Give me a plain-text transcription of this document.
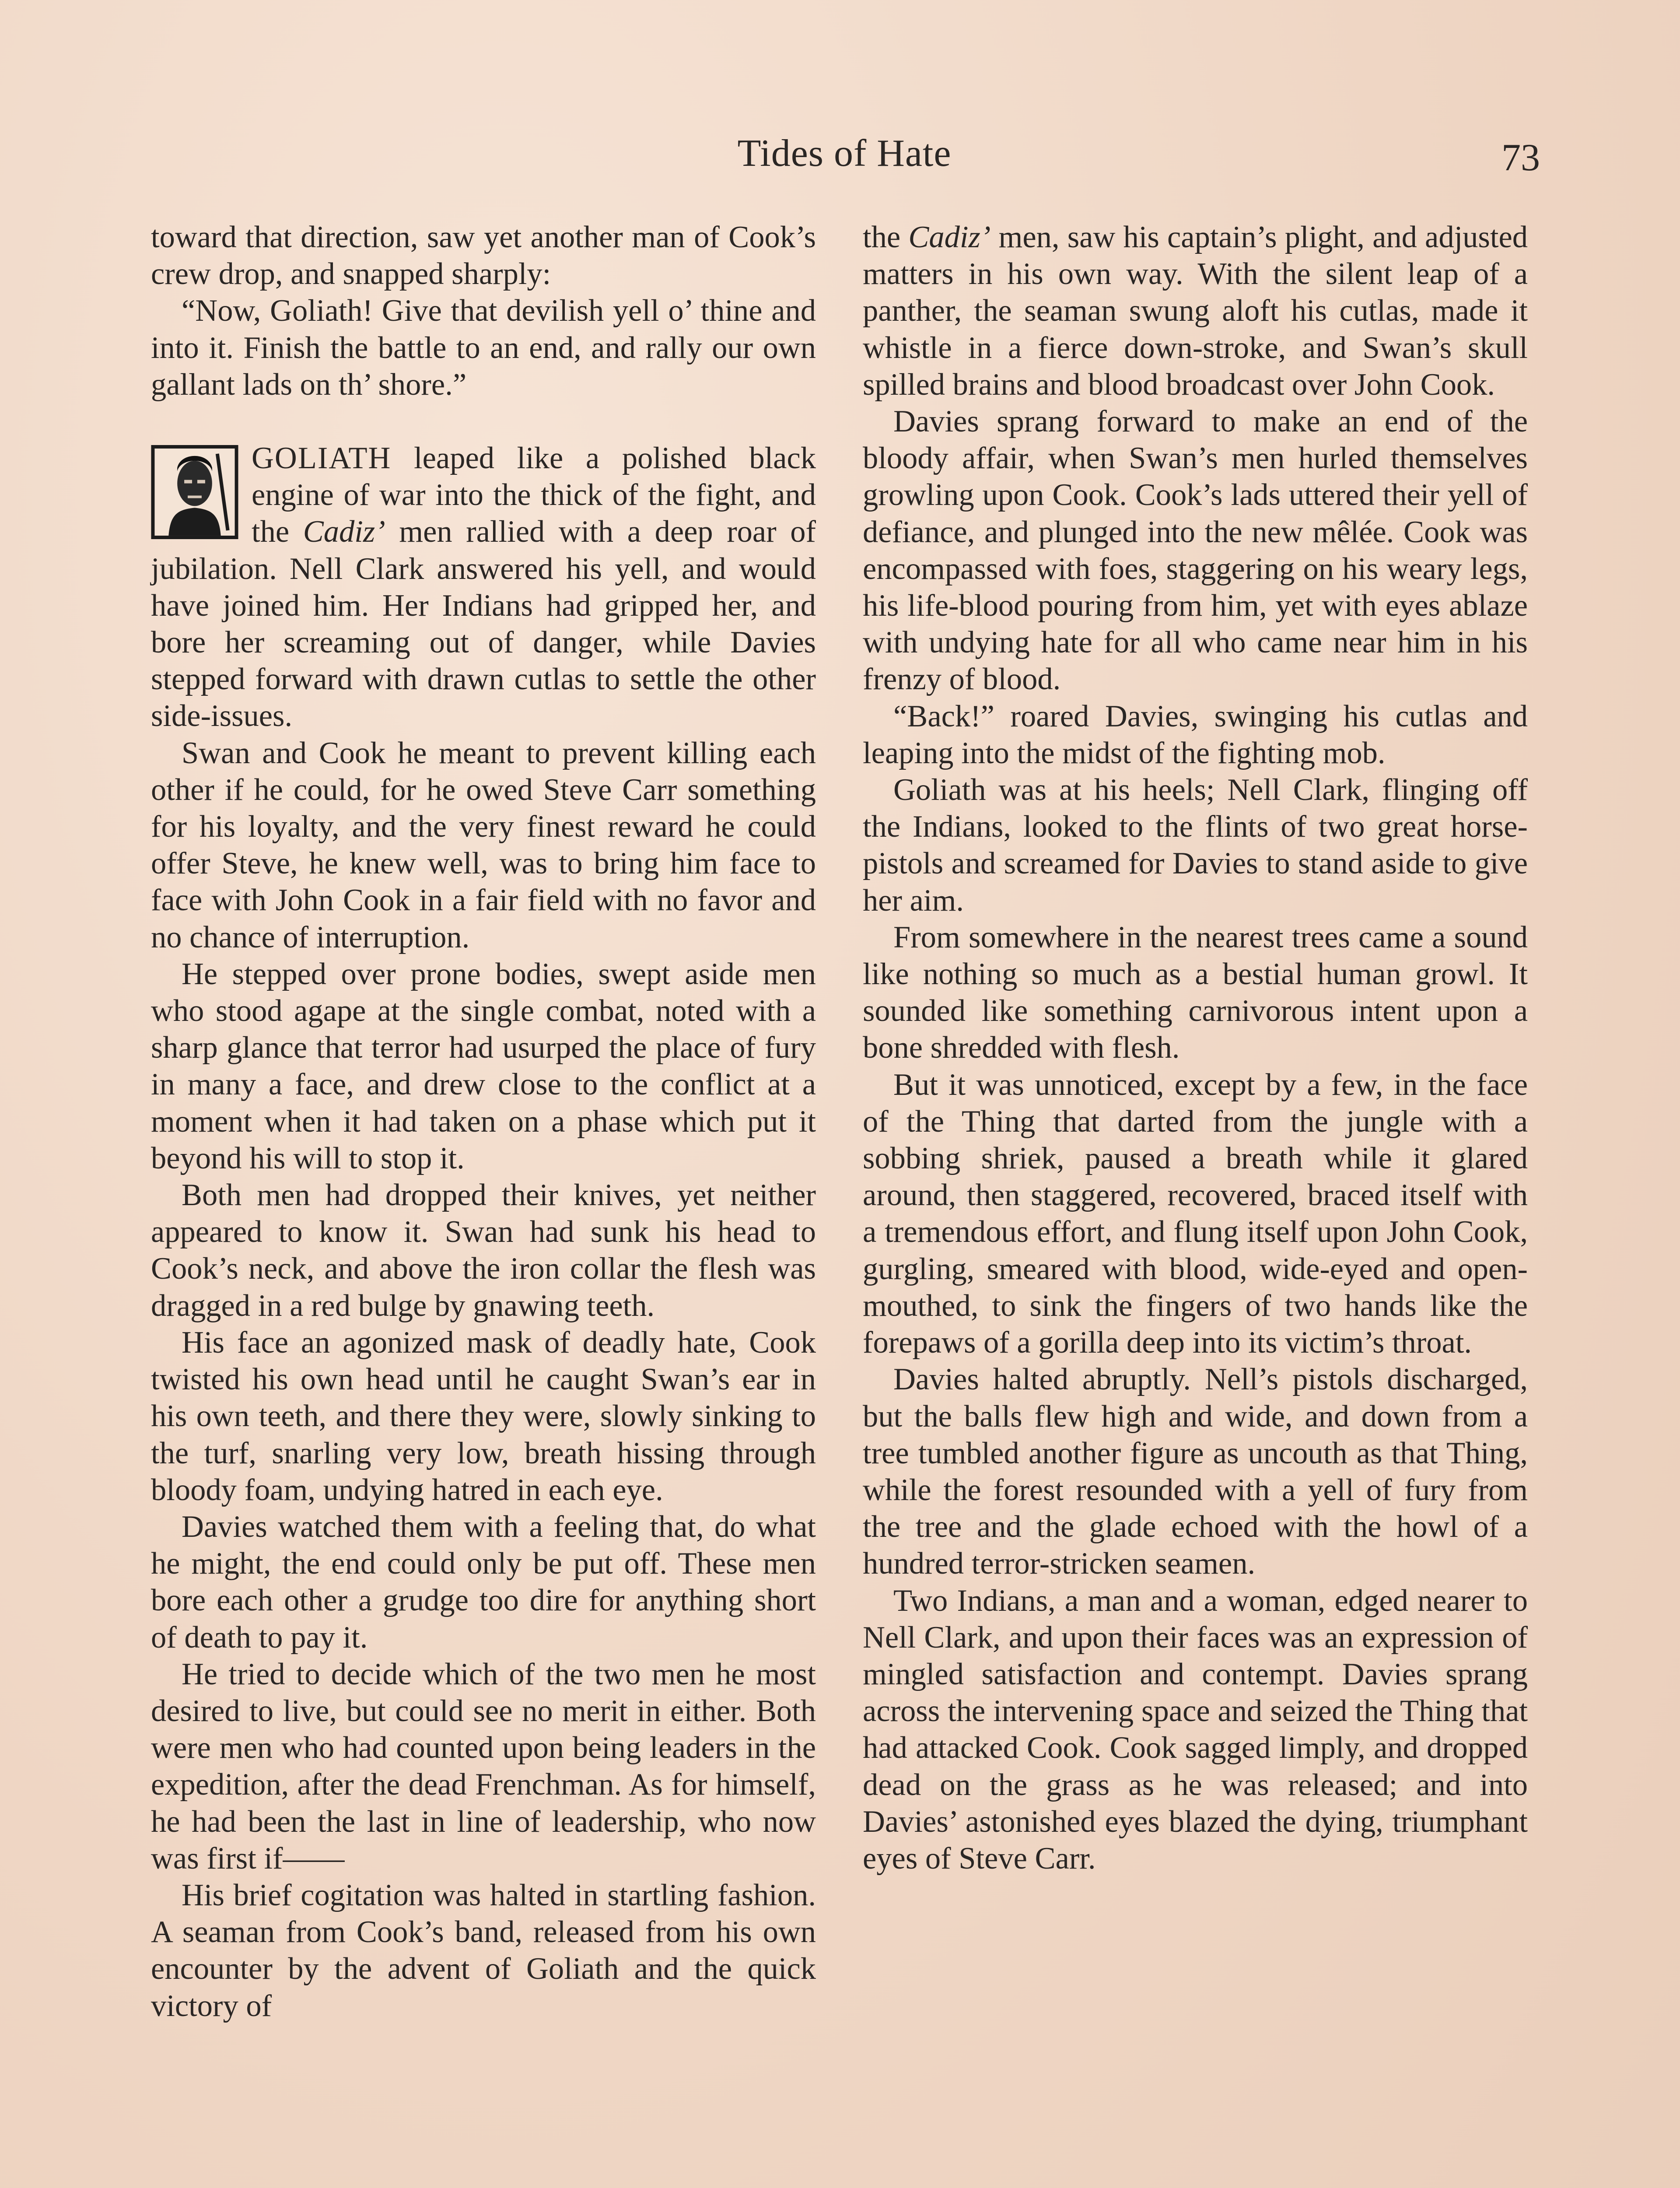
Tides of Hate	73

toward that direction, saw yet another man of Cook’s crew drop, and snapped sharply:

“Now, Goliath! Give that devilish yell o’ thine and into it. Finish the battle to an end, and rally our own gallant lads on th’ shore.”

GOLIATH leaped like a polished black engine of war into the thick of the fight, and the Cadiz’ men rallied with a deep roar of jubilation. Nell Clark answered his yell, and would have joined him. Her Indians had gripped her, and bore her screaming out of danger, while Davies stepped forward with drawn cutlas to settle the other side-issues.

Swan and Cook he meant to prevent killing each other if he could, for he owed Steve Carr something for his loyalty, and the very finest reward he could offer Steve, he knew well, was to bring him face to face with John Cook in a fair field with no favor and no chance of interruption.

He stepped over prone bodies, swept aside men who stood agape at the single combat, noted with a sharp glance that terror had usurped the place of fury in many a face, and drew close to the conflict at a moment when it had taken on a phase which put it beyond his will to stop it.

Both men had dropped their knives, yet neither appeared to know it. Swan had sunk his head to Cook’s neck, and above the iron collar the flesh was dragged in a red bulge by gnawing teeth.

His face an agonized mask of deadly hate, Cook twisted his own head until he caught Swan’s ear in his own teeth, and there they were, slowly sinking to the turf, snarling very low, breath hissing through bloody foam, undying hatred in each eye.

Davies watched them with a feeling that, do what he might, the end could only be put off. These men bore each other a grudge too dire for anything short of death to pay it.

He tried to decide which of the two men he most desired to live, but could see no merit in either. Both were men who had counted upon being leaders in the expedition, after the dead Frenchman. As for himself, he had been the last in line of leadership, who now was first if——

His brief cogitation was halted in startling fashion. A seaman from Cook’s band, released from his own encounter by the advent of Goliath and the quick victory of

the Cadiz’ men, saw his captain’s plight, and adjusted matters in his own way. With the silent leap of a panther, the seaman swung aloft his cutlas, made it whistle in a fierce down-stroke, and Swan’s skull spilled brains and blood broadcast over John Cook.

Davies sprang forward to make an end of the bloody affair, when Swan’s men hurled themselves growling upon Cook. Cook’s lads uttered their yell of defiance, and plunged into the new mêlée. Cook was encompassed with foes, staggering on his weary legs, his life-blood pouring from him, yet with eyes ablaze with undying hate for all who came near him in his frenzy of blood.

“Back!” roared Davies, swinging his cutlas and leaping into the midst of the fighting mob.

Goliath was at his heels; Nell Clark, flinging off the Indians, looked to the flints of two great horse-pistols and screamed for Davies to stand aside to give her aim.

From somewhere in the nearest trees came a sound like nothing so much as a bestial human growl. It sounded like something carnivorous intent upon a bone shredded with flesh.

But it was unnoticed, except by a few, in the face of the Thing that darted from the jungle with a sobbing shriek, paused a breath while it glared around, then staggered, recovered, braced itself with a tremendous effort, and flung itself upon John Cook, gurgling, smeared with blood, wide-eyed and open-mouthed, to sink the fingers of two hands like the forepaws of a gorilla deep into its victim’s throat.

Davies halted abruptly. Nell’s pistols discharged, but the balls flew high and wide, and down from a tree tumbled another figure as uncouth as that Thing, while the forest resounded with a yell of fury from the tree and the glade echoed with the howl of a hundred terror-stricken seamen.

Two Indians, a man and a woman, edged nearer to Nell Clark, and upon their faces was an expression of mingled satisfaction and contempt. Davies sprang across the intervening space and seized the Thing that had attacked Cook. Cook sagged limply, and dropped dead on the grass as he was released; and into Davies’ astonished eyes blazed the dying, triumphant eyes of Steve Carr.
